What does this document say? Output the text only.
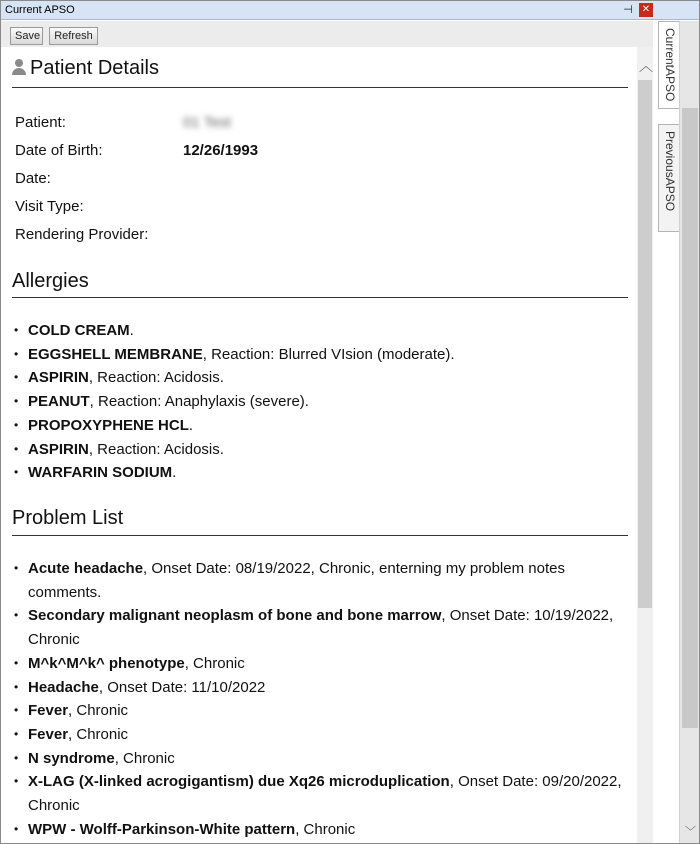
Current APSO	⊣ ✕
Save	Refresh
Patient Details
Patient:	01 Test
Date of Birth:	12/26/1993
Date:
Visit Type:
Rendering Provider:
Allergies
• COLD CREAM.
• EGGSHELL MEMBRANE, Reaction: Blurred VIsion (moderate).
• ASPIRIN, Reaction: Acidosis.
• PEANUT, Reaction: Anaphylaxis (severe).
• PROPOXYPHENE HCL.
• ASPIRIN, Reaction: Acidosis.
• WARFARIN SODIUM.
Problem List
• Acute headache, Onset Date: 08/19/2022, Chronic, enterning my problem notes comments.
• Secondary malignant neoplasm of bone and bone marrow, Onset Date: 10/19/2022, Chronic
• M^k^M^k^ phenotype, Chronic
• Headache, Onset Date: 11/10/2022
• Fever, Chronic
• Fever, Chronic
• N syndrome, Chronic
• X-LAG (X-linked acrogigantism) due Xq26 microduplication, Onset Date: 09/20/2022, Chronic
• WPW - Wolff-Parkinson-White pattern, Chronic
︿ CurrentAPSO
PreviousAPSO
﹀
